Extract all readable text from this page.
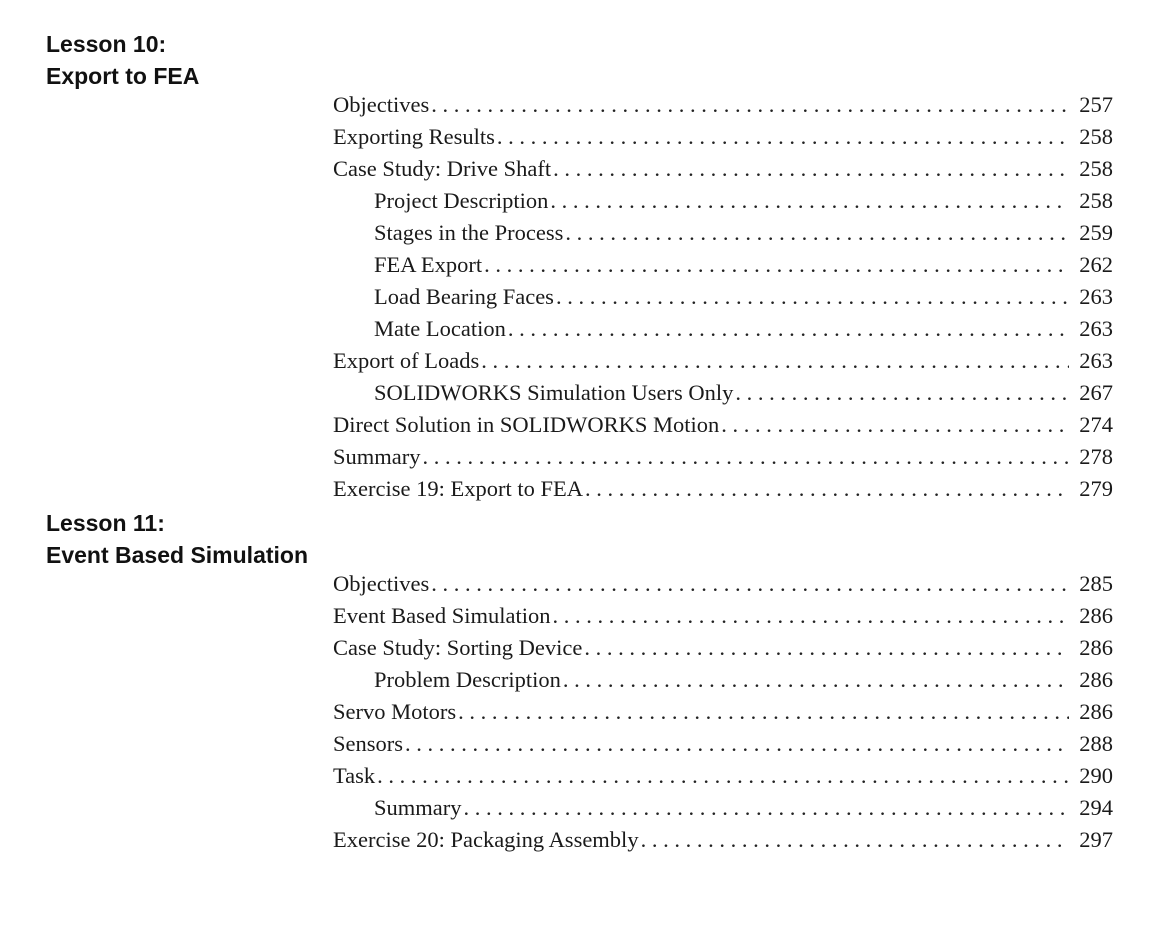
Lesson 10:
Export to FEA
Objectives . . .	257
Exporting Results . . .	258
Case Study: Drive Shaft . . .	258
Project Description . . .	258
Stages in the Process . . .	259
FEA Export . . .	262
Load Bearing Faces . . .	263
Mate Location . . .	263
Export of Loads . . .	263
SOLIDWORKS Simulation Users Only . . .	267
Direct Solution in SOLIDWORKS Motion . . .	274
Summary . . .	278
Exercise 19: Export to FEA . . .	279
Lesson 11:
Event Based Simulation
Objectives . . .	285
Event Based Simulation . . .	286
Case Study: Sorting Device . . .	286
Problem Description . . .	286
Servo Motors . . .	286
Sensors . . .	288
Task . . .	290
Summary . . .	294
Exercise 20: Packaging Assembly . . .	297
